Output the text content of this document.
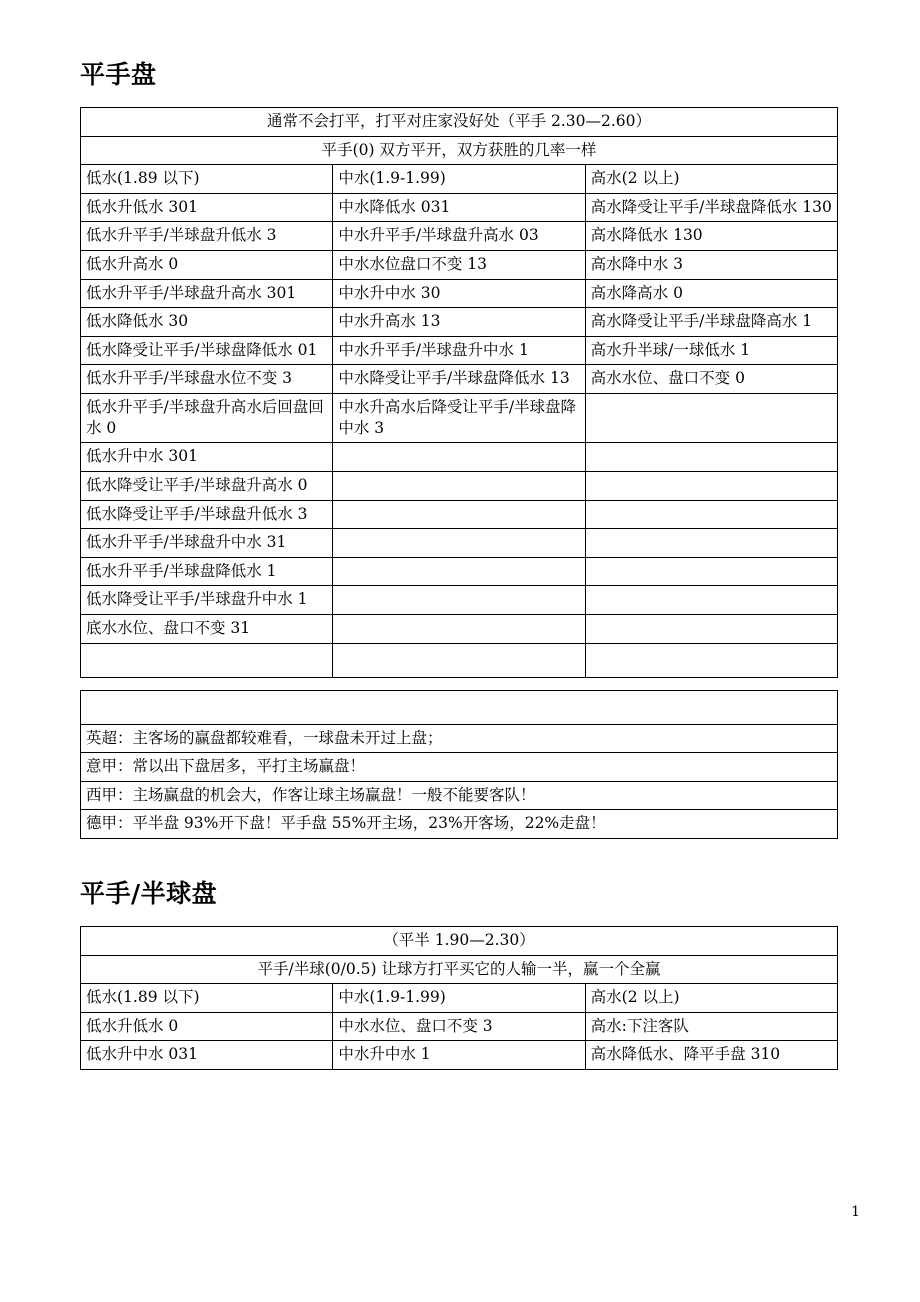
平手盘
通常不会打平，打平对庄家没好处（平手 2.30—2.60）		
平手(0) 双方平开，双方获胜的几率一样		
低水(1.89 以下)	中水(1.9-1.99)	高水(2 以上)
低水升低水 301	中水降低水 031	高水降受让平手/半球盘降低水 130
低水升平手/半球盘升低水 3	中水升平手/半球盘升高水 03	高水降低水 130
低水升高水 0	中水水位盘口不变 13	高水降中水 3
低水升平手/半球盘升高水 301	中水升中水 30	高水降高水 0
低水降低水 30	中水升高水 13	高水降受让平手/半球盘降高水 1
低水降受让平手/半球盘降低水 01	中水升平手/半球盘升中水 1	高水升半球/一球低水 1
低水升平手/半球盘水位不变 3	中水降受让平手/半球盘降低水 13	高水水位、盘口不变 0
低水升平手/半球盘升高水后回盘回水 0	中水升高水后降受让平手/半球盘降中水 3	
低水升中水 301		
低水降受让平手/半球盘升高水 0		
低水降受让平手/半球盘升低水 3		
低水升平手/半球盘升中水 31		
低水升平手/半球盘降低水 1		
低水降受让平手/半球盘升中水 1		
底水水位、盘口不变 31		

英超：主客场的赢盘都较难看，一球盘未开过上盘；
意甲：常以出下盘居多，平打主场赢盘！
西甲：主场赢盘的机会大，作客让球主场赢盘！一般不能要客队！
德甲：平半盘 93%开下盘！平手盘 55%开主场，23%开客场，22%走盘！
平手/半球盘
（平半 1.90—2.30）		
平手/半球(0/0.5) 让球方打平买它的人输一半，赢一个全赢		
低水(1.89 以下)	中水(1.9-1.99)	高水(2 以上)
低水升低水 0	中水水位、盘口不变 3	高水:下注客队
低水升中水 031	中水升中水 1	高水降低水、降平手盘 310
1
